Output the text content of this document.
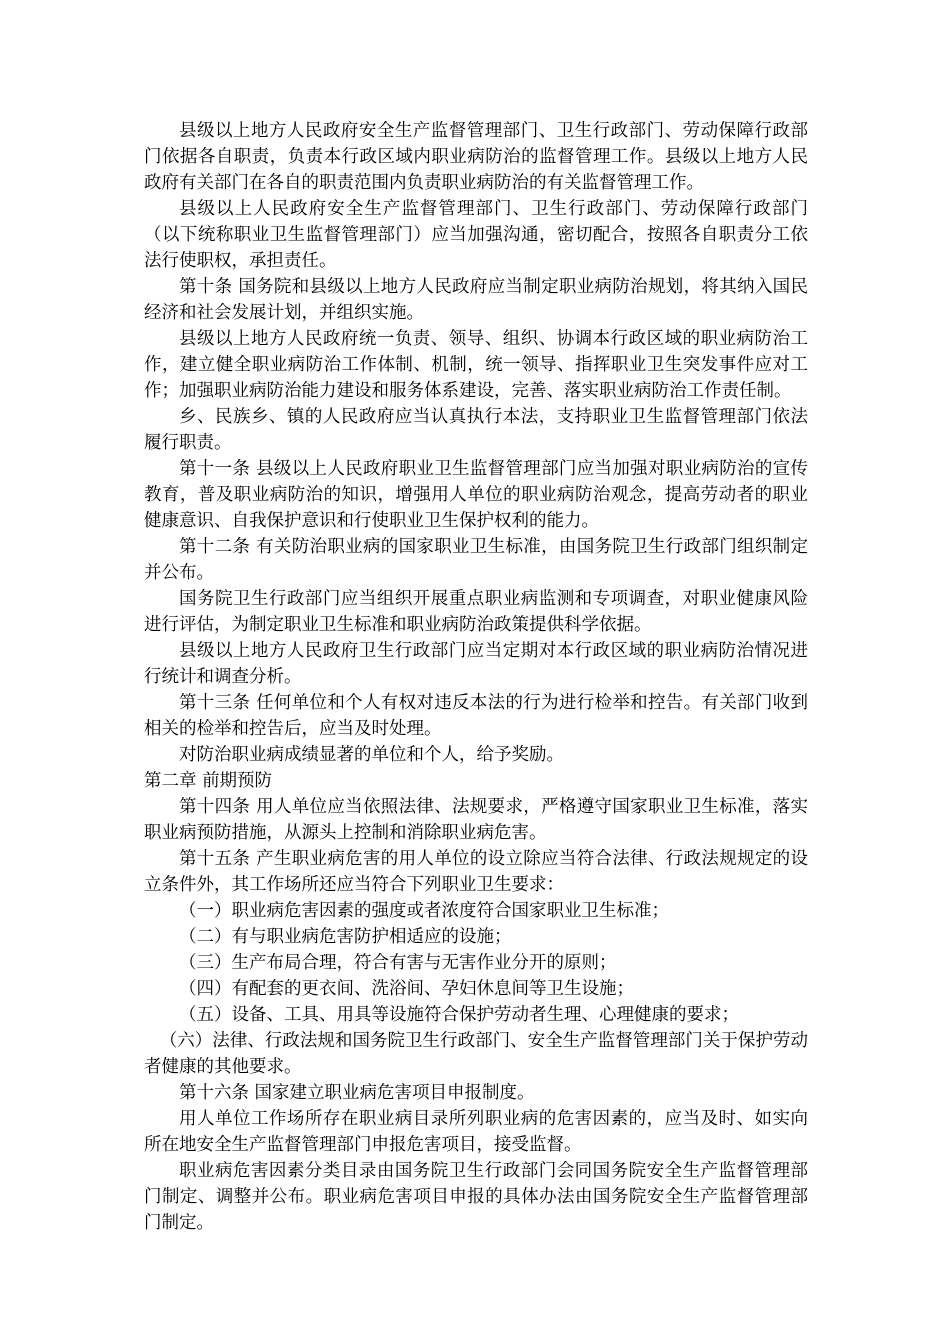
县级以上地方人民政府安全生产监督管理部门、卫生行政部门、劳动保障行政部门依据各自职责，负责本行政区域内职业病防治的监督管理工作。县级以上地方人民政府有关部门在各自的职责范围内负责职业病防治的有关监督管理工作。

县级以上人民政府安全生产监督管理部门、卫生行政部门、劳动保障行政部门（以下统称职业卫生监督管理部门）应当加强沟通，密切配合，按照各自职责分工依法行使职权，承担责任。

第十条 国务院和县级以上地方人民政府应当制定职业病防治规划，将其纳入国民经济和社会发展计划，并组织实施。

县级以上地方人民政府统一负责、领导、组织、协调本行政区域的职业病防治工作，建立健全职业病防治工作体制、机制，统一领导、指挥职业卫生突发事件应对工作；加强职业病防治能力建设和服务体系建设，完善、落实职业病防治工作责任制。

乡、民族乡、镇的人民政府应当认真执行本法，支持职业卫生监督管理部门依法履行职责。

第十一条 县级以上人民政府职业卫生监督管理部门应当加强对职业病防治的宣传教育，普及职业病防治的知识，增强用人单位的职业病防治观念，提高劳动者的职业健康意识、自我保护意识和行使职业卫生保护权利的能力。

第十二条 有关防治职业病的国家职业卫生标准，由国务院卫生行政部门组织制定并公布。

国务院卫生行政部门应当组织开展重点职业病监测和专项调查，对职业健康风险进行评估，为制定职业卫生标准和职业病防治政策提供科学依据。

县级以上地方人民政府卫生行政部门应当定期对本行政区域的职业病防治情况进行统计和调查分析。

第十三条 任何单位和个人有权对违反本法的行为进行检举和控告。有关部门收到相关的检举和控告后，应当及时处理。

对防治职业病成绩显著的单位和个人，给予奖励。

第二章 前期预防

第十四条 用人单位应当依照法律、法规要求，严格遵守国家职业卫生标准，落实职业病预防措施，从源头上控制和消除职业病危害。

第十五条 产生职业病危害的用人单位的设立除应当符合法律、行政法规规定的设立条件外，其工作场所还应当符合下列职业卫生要求：

（一）职业病危害因素的强度或者浓度符合国家职业卫生标准；

（二）有与职业病危害防护相适应的设施；

（三）生产布局合理，符合有害与无害作业分开的原则；

（四）有配套的更衣间、洗浴间、孕妇休息间等卫生设施；

（五）设备、工具、用具等设施符合保护劳动者生理、心理健康的要求；

（六）法律、行政法规和国务院卫生行政部门、安全生产监督管理部门关于保护劳动者健康的其他要求。

第十六条 国家建立职业病危害项目申报制度。

用人单位工作场所存在职业病目录所列职业病的危害因素的，应当及时、如实向所在地安全生产监督管理部门申报危害项目，接受监督。

职业病危害因素分类目录由国务院卫生行政部门会同国务院安全生产监督管理部门制定、调整并公布。职业病危害项目申报的具体办法由国务院安全生产监督管理部门制定。
